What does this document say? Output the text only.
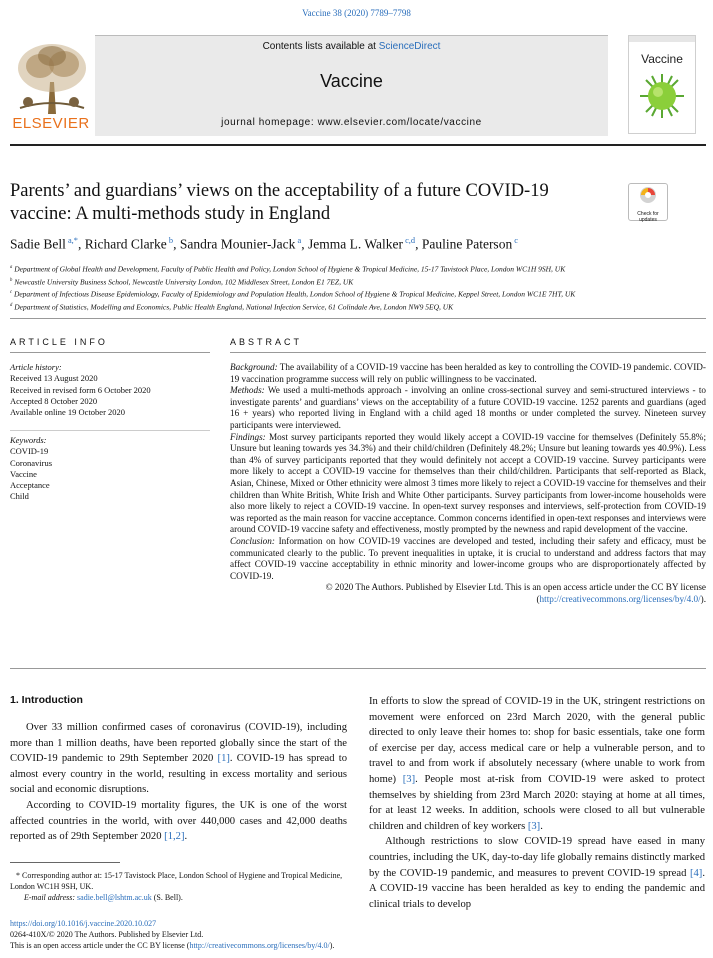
Vaccine 38 (2020) 7789–7798
ELSEVIER
Contents lists available at ScienceDirect
Vaccine
journal homepage: www.elsevier.com/locate/vaccine
Vaccine
Parents’ and guardians’ views on the acceptability of a future COVID-19 vaccine: A multi-methods study in England	Check for updates
Sadie Bell $^{a,*}$, Richard Clarke $^b$, Sandra Mounier-Jack $^a$, Jemma L. Walker $^{c,d}$, Pauline Paterson $^c$
$^a$ Department of Global Health and Development, Faculty of Public Health and Policy, London School of Hygiene & Tropical Medicine, 15-17 Tavistock Place, London WC1H 9SH, UK
$^b$ Newcastle University Business School, Newcastle University London, 102 Middlesex Street, London E1 7EZ, UK
$^c$ Department of Infectious Disease Epidemiology, Faculty of Epidemiology and Population Health, London School of Hygiene & Tropical Medicine, Keppel Street, London WC1E 7HT, UK
$^d$ Department of Statistics, Modelling and Economics, Public Health England, National Infection Service, 61 Colindale Ave, London NW9 5EQ, UK
ARTICLE INFO
Article history:
Received 13 August 2020
Received in revised form 6 October 2020
Accepted 8 October 2020
Available online 19 October 2020
Keywords:
COVID-19
Coronavirus
Vaccine
Acceptance
Child
ABSTRACT

Background: The availability of a COVID-19 vaccine has been heralded as key to controlling the COVID-19 pandemic. COVID-19 vaccination programme success will rely on public willingness to be vaccinated.

Methods: We used a multi-methods approach - involving an online cross-sectional survey and semi-structured interviews - to investigate parents’ and guardians’ views on the acceptability of a future COVID-19 vaccine. 1252 parents and guardians (aged 16 + years) who reported living in England with a child aged 18 months or under completed the survey. Nineteen survey participants were interviewed.

Findings: Most survey participants reported they would likely accept a COVID-19 vaccine for themselves (Definitely 55.8%; Unsure but leaning towards yes 34.3%) and their child/children (Definitely 48.2%; Unsure but leaning towards yes 40.9%). Less than 4% of survey participants reported that they would definitely not accept a COVID-19 vaccine. Survey participants were more likely to accept a COVID-19 vaccine for themselves than their child/children. Participants that self-reported as Black, Asian, Chinese, Mixed or Other ethnicity were almost 3 times more likely to reject a COVID-19 vaccine for themselves and their children than White British, White Irish and White Other participants. Survey participants from lower-income households were also more likely to reject a COVID-19 vaccine. In open-text survey responses and interviews, self-protection from COVID-19 was reported as the main reason for vaccine acceptance. Common concerns identified in open-text responses and interviews were around COVID-19 vaccine safety and effectiveness, mostly prompted by the newness and rapid development of the vaccine.

Conclusion: Information on how COVID-19 vaccines are developed and tested, including their safety and efficacy, must be communicated clearly to the public. To prevent inequalities in uptake, it is crucial to understand and address factors that may affect COVID-19 vaccine acceptability in ethnic minority and lower-income groups who are disproportionately affected by COVID-19.

© 2020 The Authors. Published by Elsevier Ltd. This is an open access article under the CC BY license (http://creativecommons.org/licenses/by/4.0/).

1. Introduction

Over 33 million confirmed cases of coronavirus (COVID-19), including more than 1 million deaths, have been reported globally since the start of the COVID-19 pandemic to 29th September 2020 [1]. COVID-19 has spread to almost every country in the world, resulting in excess mortality and serious social and economic disruptions.

According to COVID-19 mortality figures, the UK is one of the worst affected countries in the world, with over 440,000 cases and 42,000 deaths reported as of 29th September 2020 [1,2].

In efforts to slow the spread of COVID-19 in the UK, stringent restrictions on movement were enforced on 23rd March 2020, with the general public directed to only leave their homes to: shop for basic essentials, take one form of exercise per day, access medical care or help a vulnerable person, and to travel to and from work if absolutely necessary (where unable to work from home) [3]. People most at-risk from COVID-19 were asked to protect themselves by shielding from 23rd March 2020: staying at home at all times, for at least 12 weeks. In addition, schools were closed to all but vulnerable children and children of key workers [3].

Although restrictions to slow COVID-19 spread have eased in many countries, including the UK, day-to-day life globally remains distinctly marked by the COVID-19 pandemic, and measures to prevent COVID-19 spread [4]. A COVID-19 vaccine has been heralded as key to ending the pandemic and clinical trials to develop

* Corresponding author at: 15-17 Tavistock Place, London School of Hygiene and Tropical Medicine, London WC1H 9SH, UK.
E-mail address: sadie.bell@lshtm.ac.uk (S. Bell).
https://doi.org/10.1016/j.vaccine.2020.10.027
0264-410X/© 2020 The Authors. Published by Elsevier Ltd.
This is an open access article under the CC BY license (http://creativecommons.org/licenses/by/4.0/).
